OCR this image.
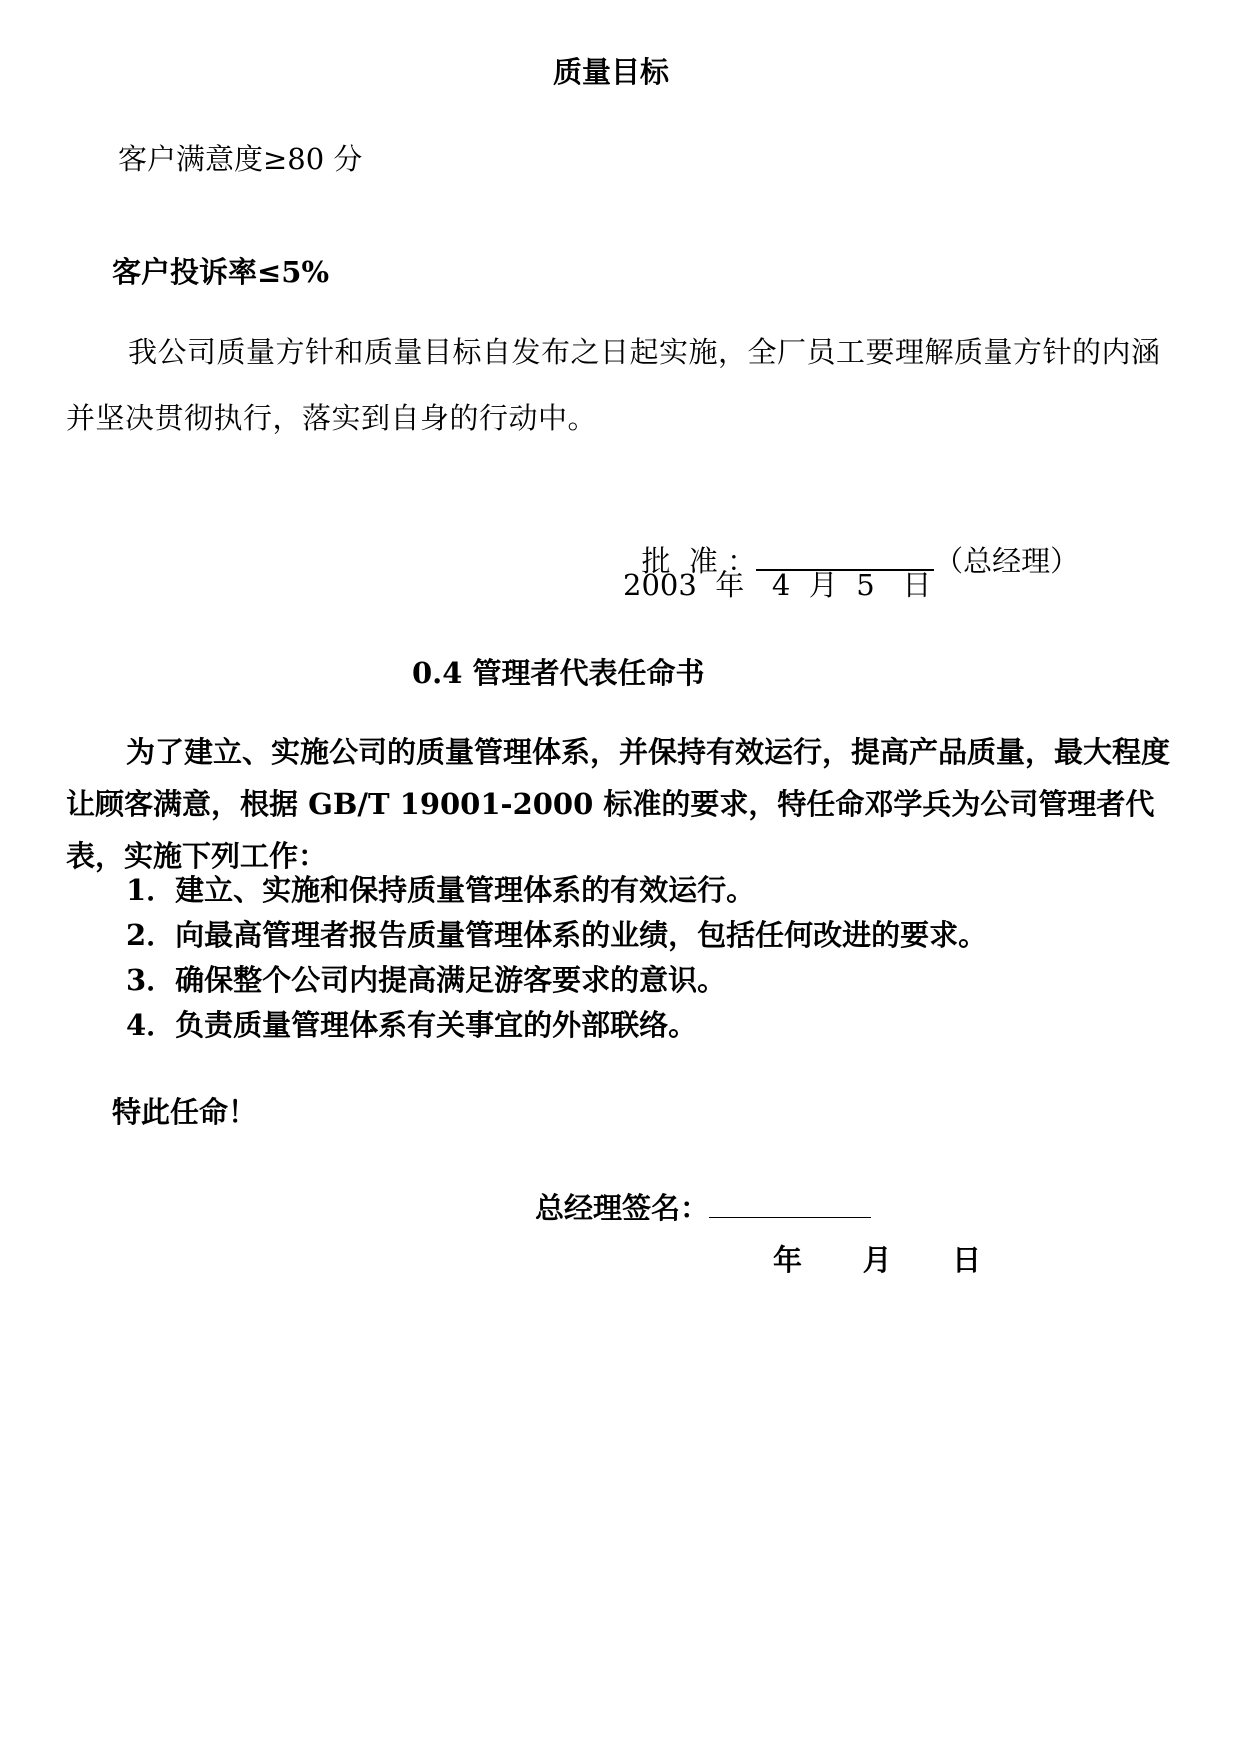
质量目标
客户满意度≥80 分
客户投诉率≤5%

我公司质量方针和质量目标自发布之日起实施，全厂员工要理解质量方针的内涵并坚决贯彻执行，落实到自身的行动中。

批  准 ：	（总经理）

2003  年   4  月  5   日
0.4 管理者代表任命书

为了建立、实施公司的质量管理体系，并保持有效运行，提高产品质量，最大程度让顾客满意，根据 GB/T 19001-2000 标准的要求，特任命邓学兵为公司管理者代表，实施下列工作：

1．建立、实施和保持质量管理体系的有效运行。
2．向最高管理者报告质量管理体系的业绩，包括任何改进的要求。
3．确保整个公司内提高满足游客要求的意识。
4．负责质量管理体系有关事宜的外部联络。
特此任命！
总经理签名：
年      月      日
